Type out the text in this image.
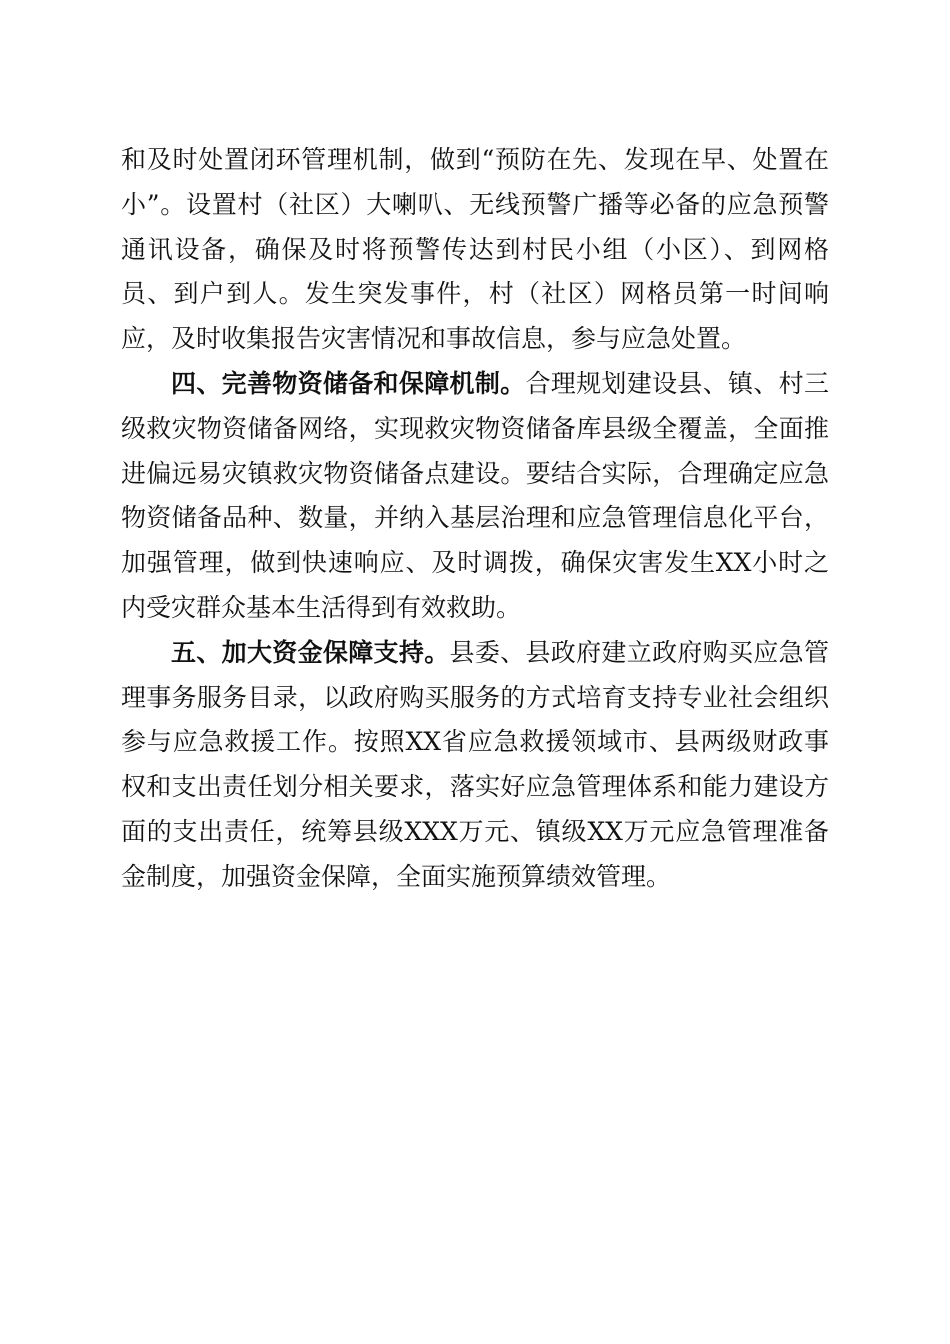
和及时处置闭环管理机制，做到“预防在先、发现在早、处置在小”。设置村（社区）大喇叭、无线预警广播等必备的应急预警通讯设备，确保及时将预警传达到村民小组（小区）、到网格员、到户到人。发生突发事件，村（社区）网格员第一时间响应，及时收集报告灾害情况和事故信息，参与应急处置。

四、完善物资储备和保障机制。合理规划建设县、镇、村三级救灾物资储备网络，实现救灾物资储备库县级全覆盖，全面推进偏远易灾镇救灾物资储备点建设。要结合实际，合理确定应急物资储备品种、数量，并纳入基层治理和应急管理信息化平台，加强管理，做到快速响应、及时调拨，确保灾害发生XX小时之内受灾群众基本生活得到有效救助。

五、加大资金保障支持。县委、县政府建立政府购买应急管理事务服务目录，以政府购买服务的方式培育支持专业社会组织参与应急救援工作。按照XX省应急救援领域市、县两级财政事权和支出责任划分相关要求，落实好应急管理体系和能力建设方面的支出责任，统筹县级XXX万元、镇级XX万元应急管理准备金制度，加强资金保障，全面实施预算绩效管理。
